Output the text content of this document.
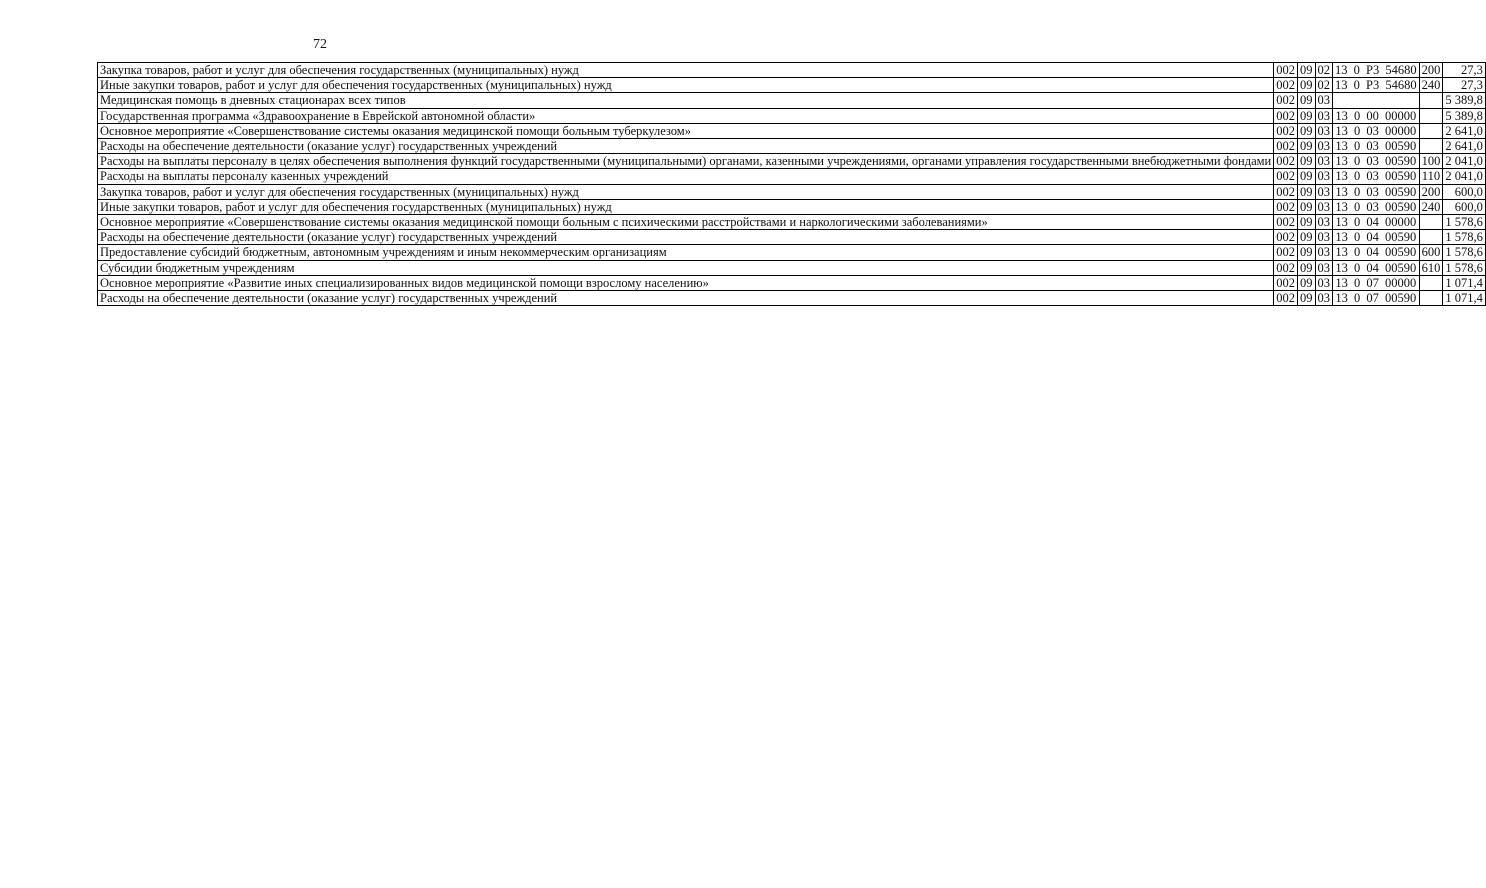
72
Закупка товаров, работ и услуг для обеспечения государственных (муниципальных) нужд	002	09	02	13 0 Р3 54680	200	27,3
Иные закупки товаров, работ и услуг для обеспечения государственных (муниципальных) нужд	002	09	02	13 0 Р3 54680	240	27,3
Медицинская помощь в дневных стационарах всех типов	002	09	03			5 389,8
Государственная программа «Здравоохранение в Еврейской автономной области»	002	09	03	13 0 00 00000		5 389,8
Основное мероприятие «Совершенствование системы оказания медицинской помощи больным туберкулезом»	002	09	03	13 0 03 00000		2 641,0
Расходы на обеспечение деятельности (оказание услуг) государственных учреждений	002	09	03	13 0 03 00590		2 641,0
Расходы на выплаты персоналу в целях обеспечения выполнения функций государственными (муниципальными) органами, казенными учреждениями, органами управления государственными внебюджетными фондами	002	09	03	13 0 03 00590	100	2 041,0
Расходы на выплаты персоналу казенных учреждений	002	09	03	13 0 03 00590	110	2 041,0
Закупка товаров, работ и услуг для обеспечения государственных (муниципальных) нужд	002	09	03	13 0 03 00590	200	600,0
Иные закупки товаров, работ и услуг для обеспечения государственных (муниципальных) нужд	002	09	03	13 0 03 00590	240	600,0
Основное мероприятие «Совершенствование системы оказания медицинской помощи больным с психическими расстройствами и наркологическими заболеваниями»	002	09	03	13 0 04 00000		1 578,6
Расходы на обеспечение деятельности (оказание услуг) государственных учреждений	002	09	03	13 0 04 00590		1 578,6
Предоставление субсидий бюджетным, автономным учреждениям и иным некоммерческим организациям	002	09	03	13 0 04 00590	600	1 578,6
Субсидии бюджетным учреждениям	002	09	03	13 0 04 00590	610	1 578,6
Основное мероприятие «Развитие иных специализированных видов медицинской помощи взрослому населению»	002	09	03	13 0 07 00000		1 071,4
Расходы на обеспечение деятельности (оказание услуг) государственных учреждений	002	09	03	13 0 07 00590		1 071,4
